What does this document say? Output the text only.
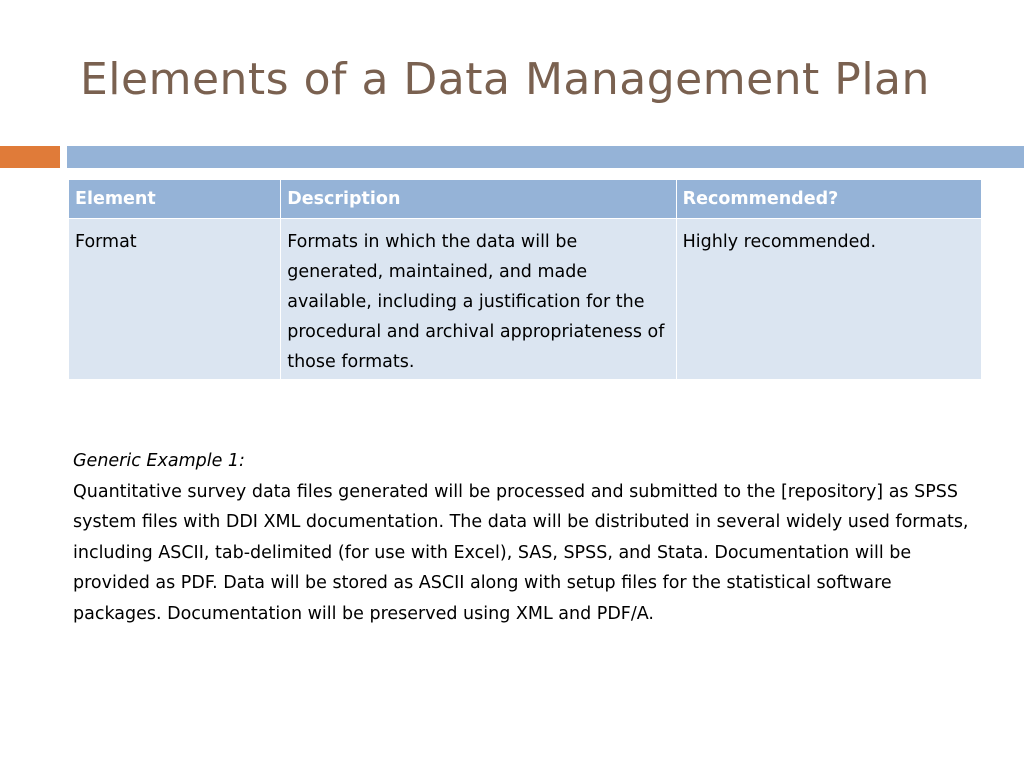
Elements of a Data Management Plan
Element	Description	Recommended?
Format	Formats in which the data will be generated, maintained, and made available, including a justification for the procedural and archival appropriateness of those formats.	Highly recommended.
Generic Example 1:
Quantitative survey data files generated will be processed and submitted to the [repository] as SPSS system files with DDI XML documentation. The data will be distributed in several widely used formats, including ASCII, tab-delimited (for use with Excel), SAS, SPSS, and Stata. Documentation will be provided as PDF. Data will be stored as ASCII along with setup files for the statistical software packages. Documentation will be preserved using XML and PDF/A.
